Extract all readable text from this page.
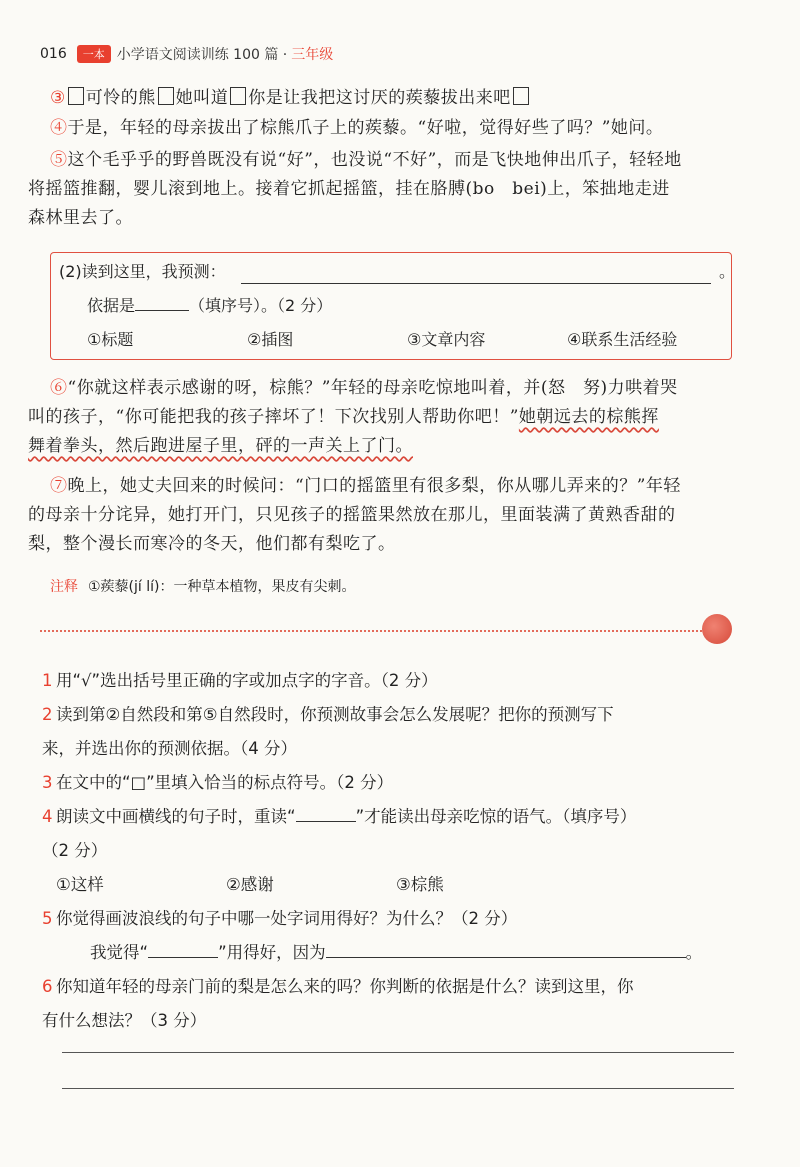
016	一本 小学语文阅读训练 100 篇 · 三年级
③ 可怜的熊 她叫道 你是让我把这讨厌的蒺藜拔出来吧
④于是，年轻的母亲拔出了棕熊爪子上的蒺藜。“好啦，觉得好些了吗？”她问。
⑤这个毛乎乎的野兽既没有说“好”，也没说“不好”，而是飞快地伸出爪子，轻轻地
将摇篮推翻，婴儿滚到地上。接着它抓起摇篮，挂在胳膊(bo　bei)上，笨拙地走进
森林里去了。
(2)读到这里，我预测：	。
依据是	（填序号）。（2 分）
①标题	②插图	③文章内容	④联系生活经验
⑥“你就这样表示感谢的呀，棕熊？”年轻的母亲吃惊地叫着，并(怒　努)力哄着哭
叫的孩子，“你可能把我的孩子摔坏了！下次找别人帮助你吧！”她朝远去的棕熊挥
舞着拳头，然后跑进屋子里，砰的一声关上了门。
⑦晚上，她丈夫回来的时候问：“门口的摇篮里有很多梨，你从哪儿弄来的？”年轻
的母亲十分诧异，她打开门，只见孩子的摇篮果然放在那儿，里面装满了黄熟香甜的
梨，整个漫长而寒冷的冬天，他们都有梨吃了。
注释 ①蒺藜(jí lí)：一种草本植物，果皮有尖刺。
1 用“√”选出括号里正确的字或加点字的字音。（2 分）
2 读到第②自然段和第⑤自然段时，你预测故事会怎么发展呢？把你的预测写下
来，并选出你的预测依据。（4 分）
3 在文中的“□”里填入恰当的标点符号。（2 分）
4 朗读文中画横线的句子时，重读“	”才能读出母亲吃惊的语气。（填序号）
（2 分）
①这样	②感谢	③棕熊
5 你觉得画波浪线的句子中哪一处字词用得好？为什么？（2 分）
我觉得“	”用得好，因为	。
6 你知道年轻的母亲门前的梨是怎么来的吗？你判断的依据是什么？读到这里，你
有什么想法？（3 分）
